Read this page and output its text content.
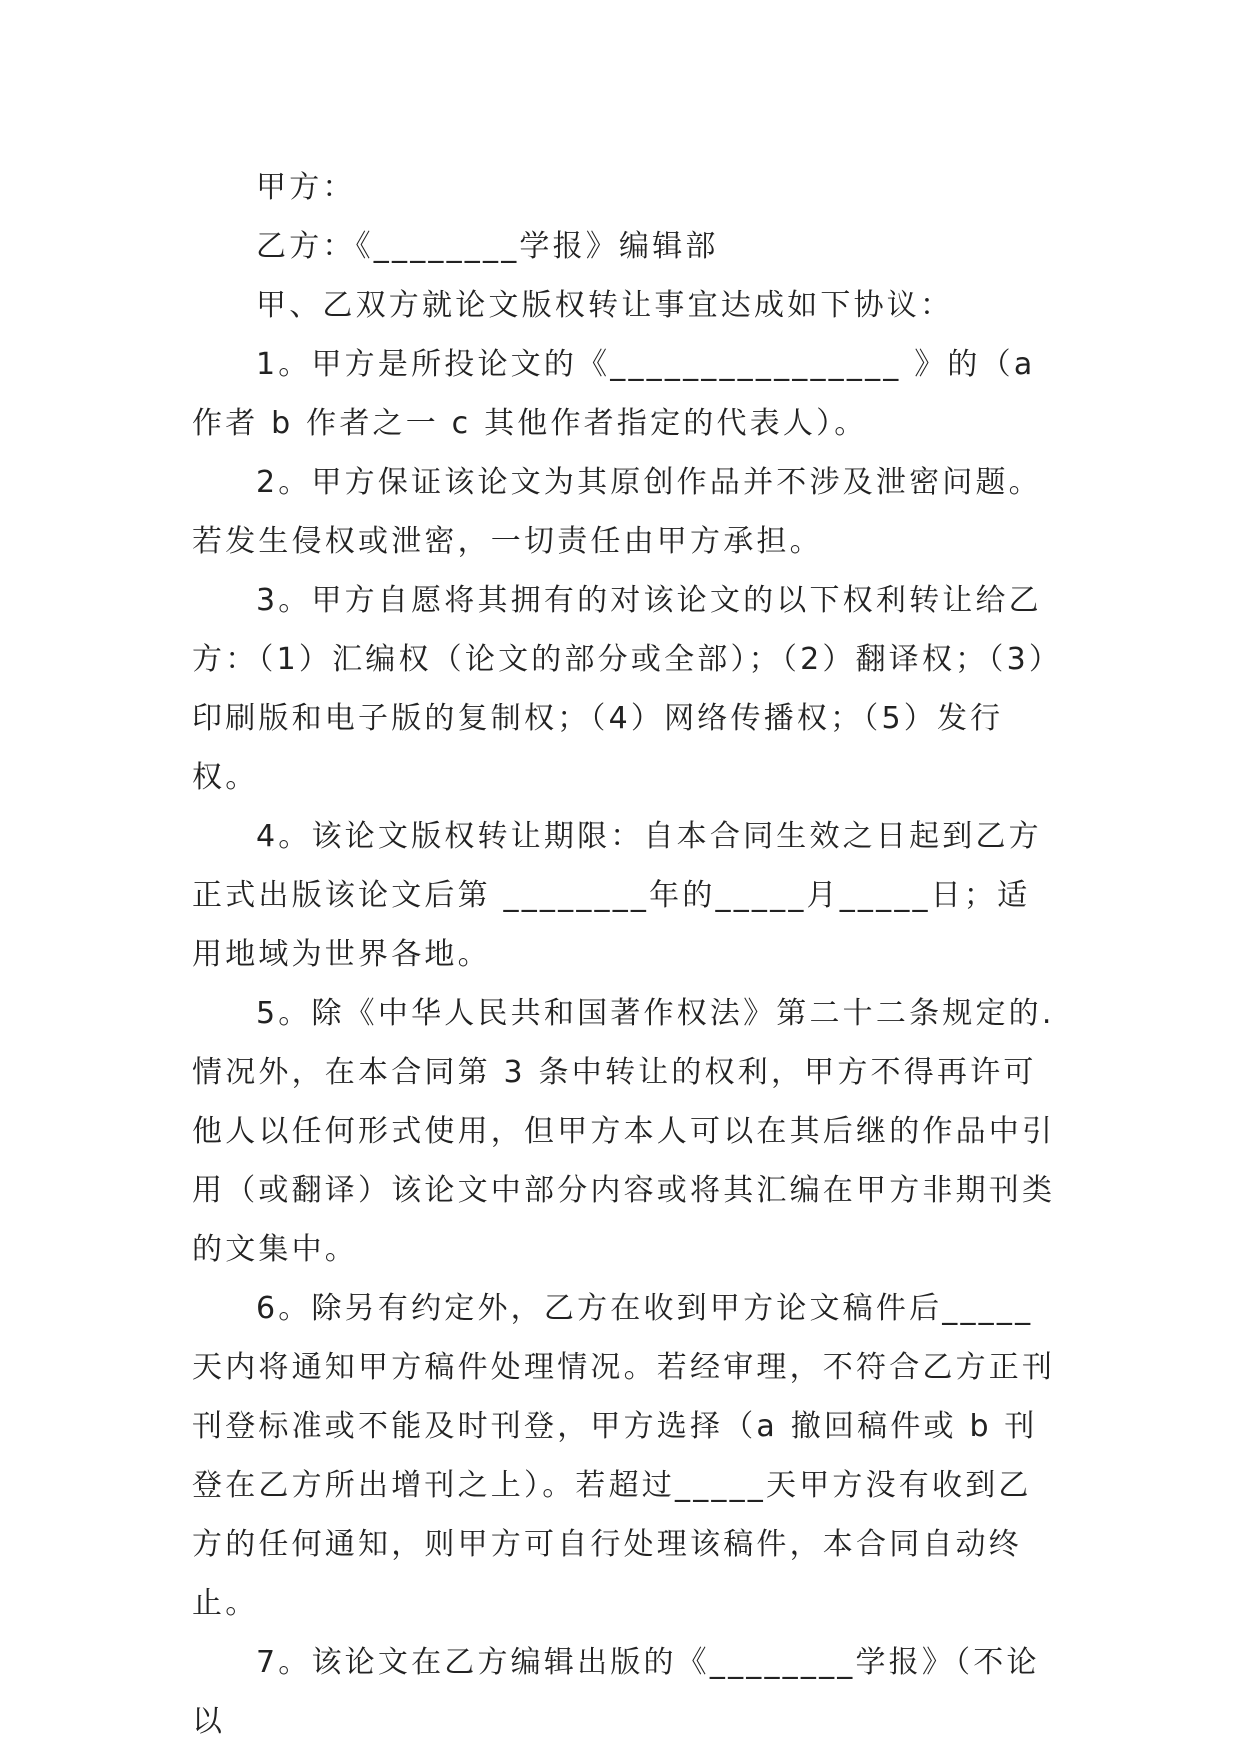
甲方：

乙方：《________学报》编辑部

甲、乙双方就论文版权转让事宜达成如下协议：

1。甲方是所投论文的《________________ 》的（a 作者 b 作者之一 c 其他作者指定的代表人）。

2。甲方保证该论文为其原创作品并不涉及泄密问题。若发生侵权或泄密，一切责任由甲方承担。

3。甲方自愿将其拥有的对该论文的以下权利转让给乙方：（1）汇编权（论文的部分或全部）；（2）翻译权；（3）印刷版和电子版的复制权；（4）网络传播权；（5）发行权。

4。该论文版权转让期限：自本合同生效之日起到乙方正式出版该论文后第 ________年的_____月_____日；适用地域为世界各地。

5。除《中华人民共和国著作权法》第二十二条规定的.情况外，在本合同第 3 条中转让的权利，甲方不得再许可他人以任何形式使用，但甲方本人可以在其后继的作品中引用（或翻译）该论文中部分内容或将其汇编在甲方非期刊类的文集中。

6。除另有约定外，乙方在收到甲方论文稿件后_____天内将通知甲方稿件处理情况。若经审理，不符合乙方正刊刊登标准或不能及时刊登，甲方选择（a 撤回稿件或 b 刊登在乙方所出增刊之上）。若超过_____天甲方没有收到乙方的任何通知，则甲方可自行处理该稿件，本合同自动终止。

7。该论文在乙方编辑出版的《________学报》（不论以
